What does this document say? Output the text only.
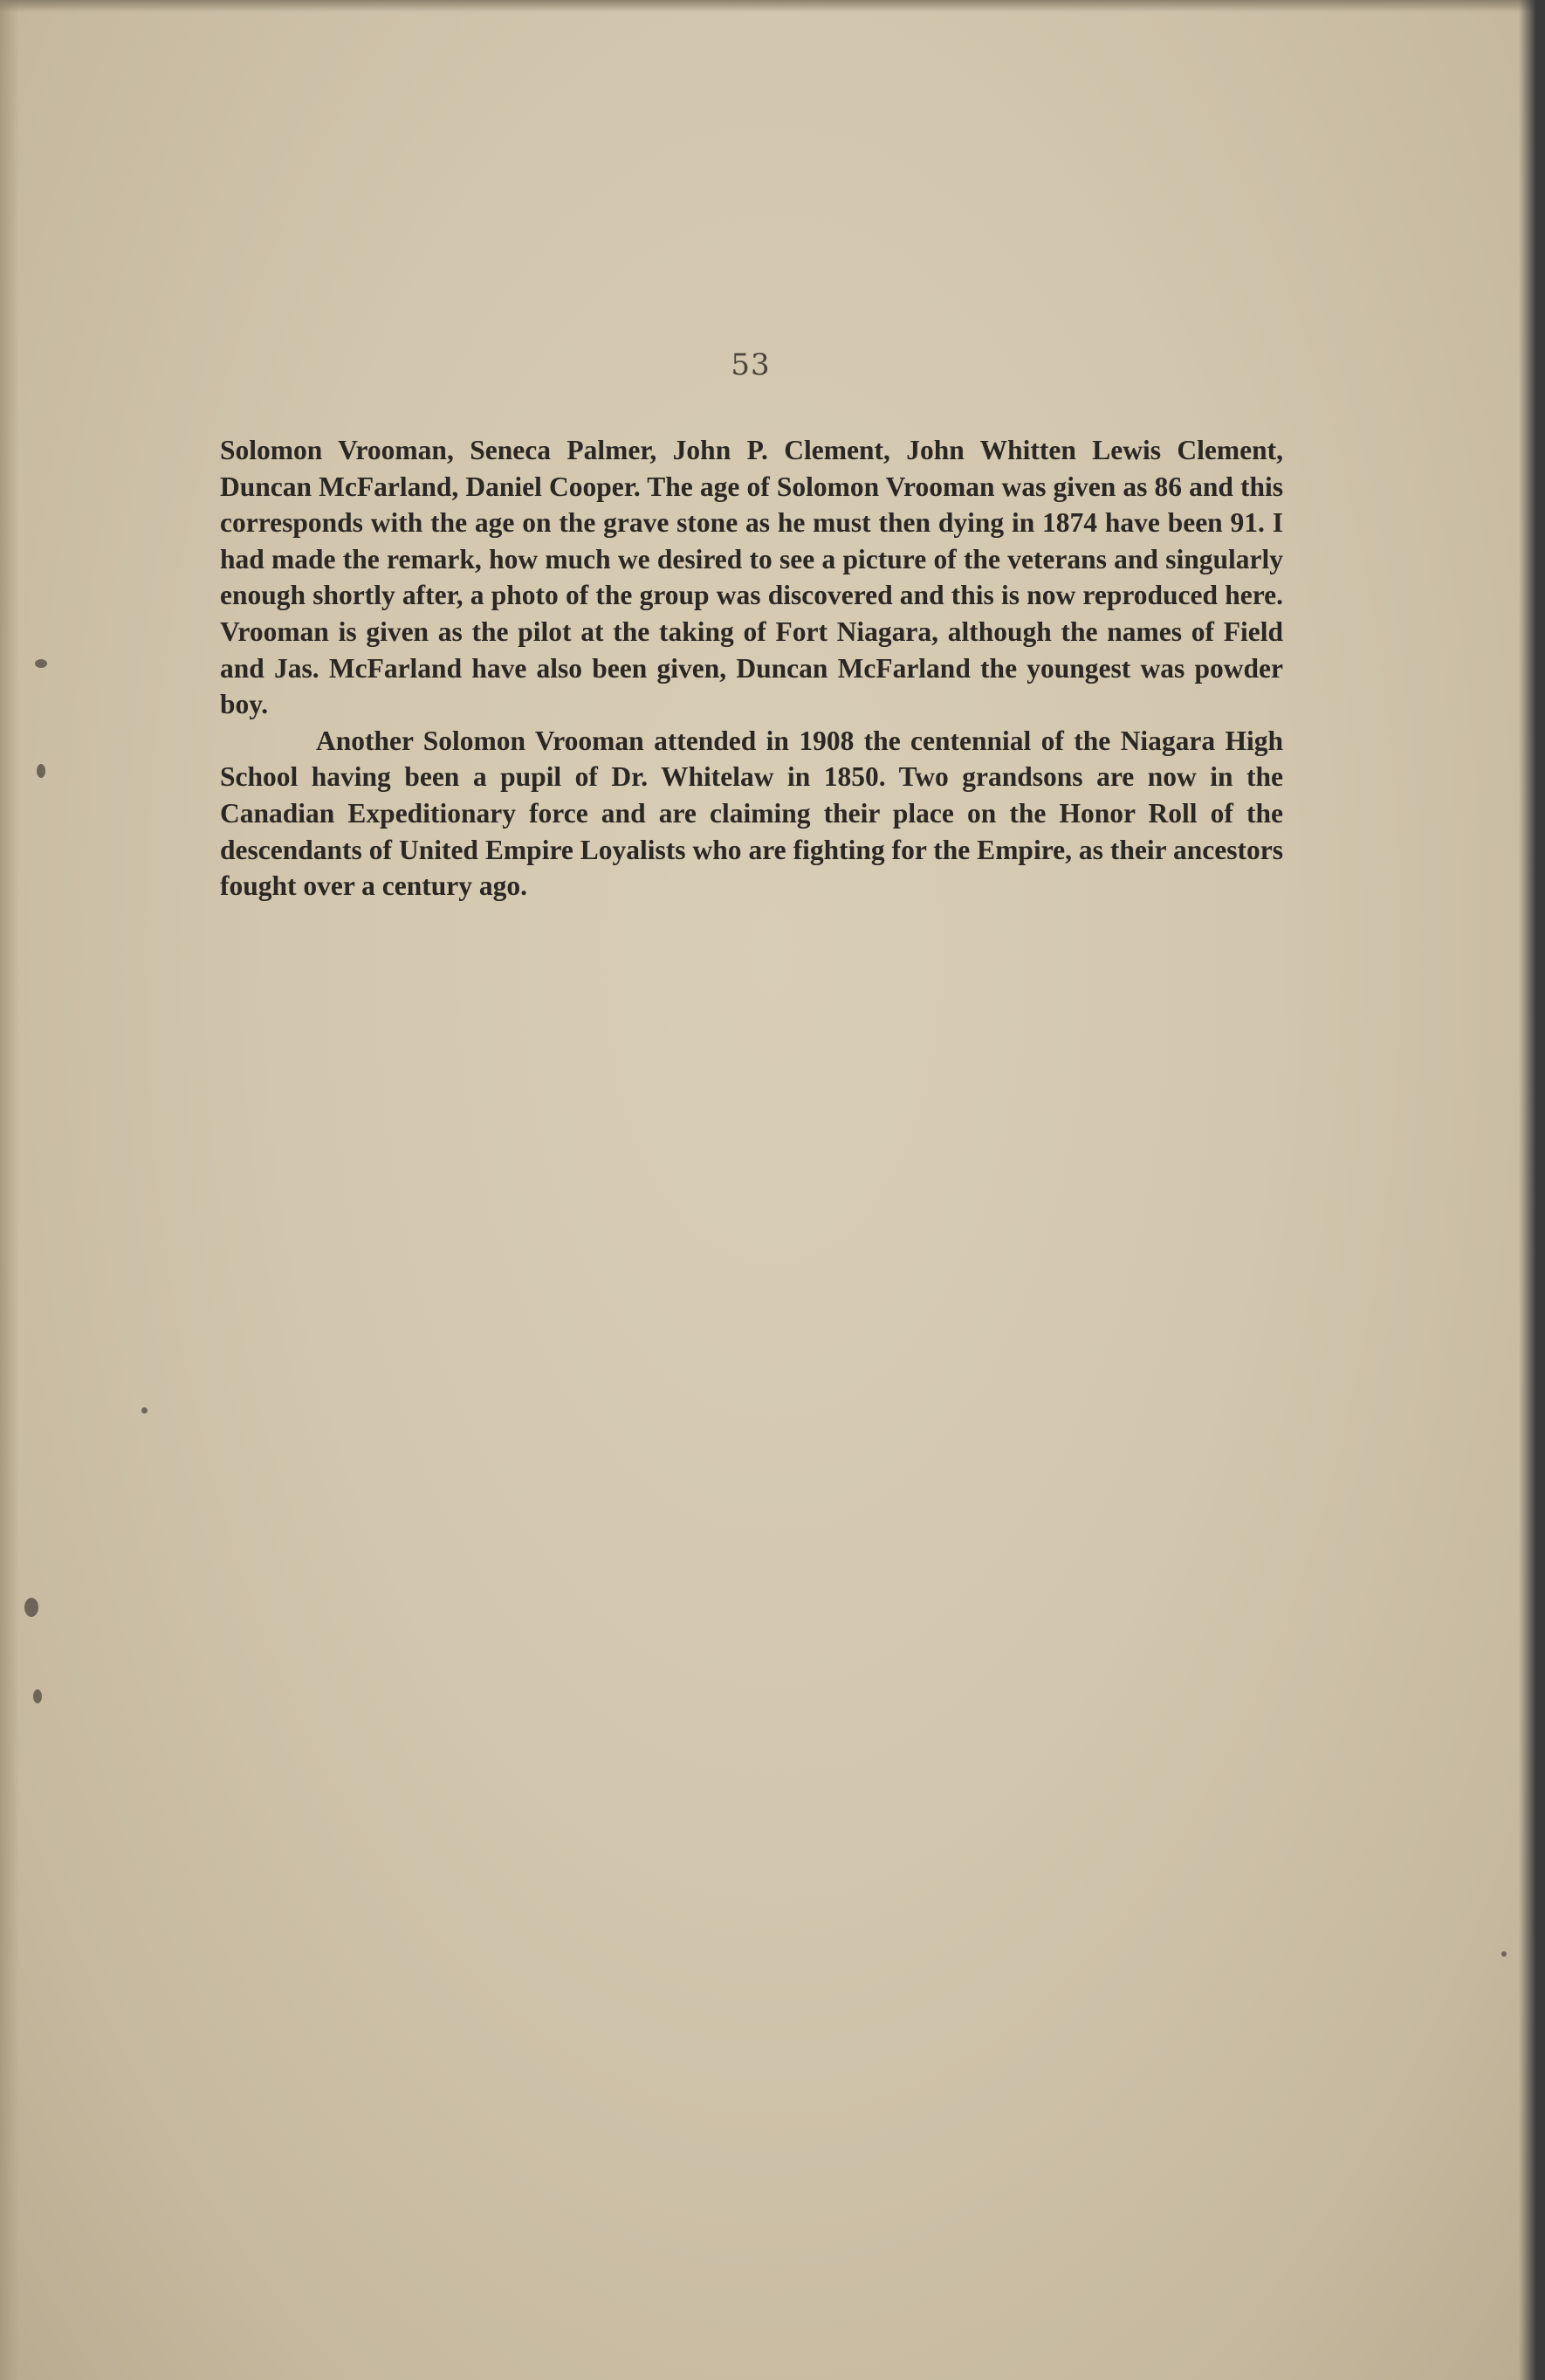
53

Solomon Vrooman, Seneca Palmer, John P. Clement, John Whitten Lewis Clement, Duncan McFarland, Daniel Cooper. The age of Solomon Vrooman was given as 86 and this corresponds with the age on the grave stone as he must then dying in 1874 have been 91. I had made the remark, how much we desired to see a picture of the veterans and singularly enough shortly after, a photo of the group was discovered and this is now reproduced here. Vrooman is given as the pilot at the taking of Fort Niagara, although the names of Field and Jas. McFarland have also been given, Duncan McFarland the youngest was powder boy.

Another Solomon Vrooman attended in 1908 the centennial of the Niagara High School having been a pupil of Dr. Whitelaw in 1850. Two grandsons are now in the Canadian Expeditionary force and are claiming their place on the Honor Roll of the descendants of United Empire Loyalists who are fighting for the Empire, as their ancestors fought over a century ago.
